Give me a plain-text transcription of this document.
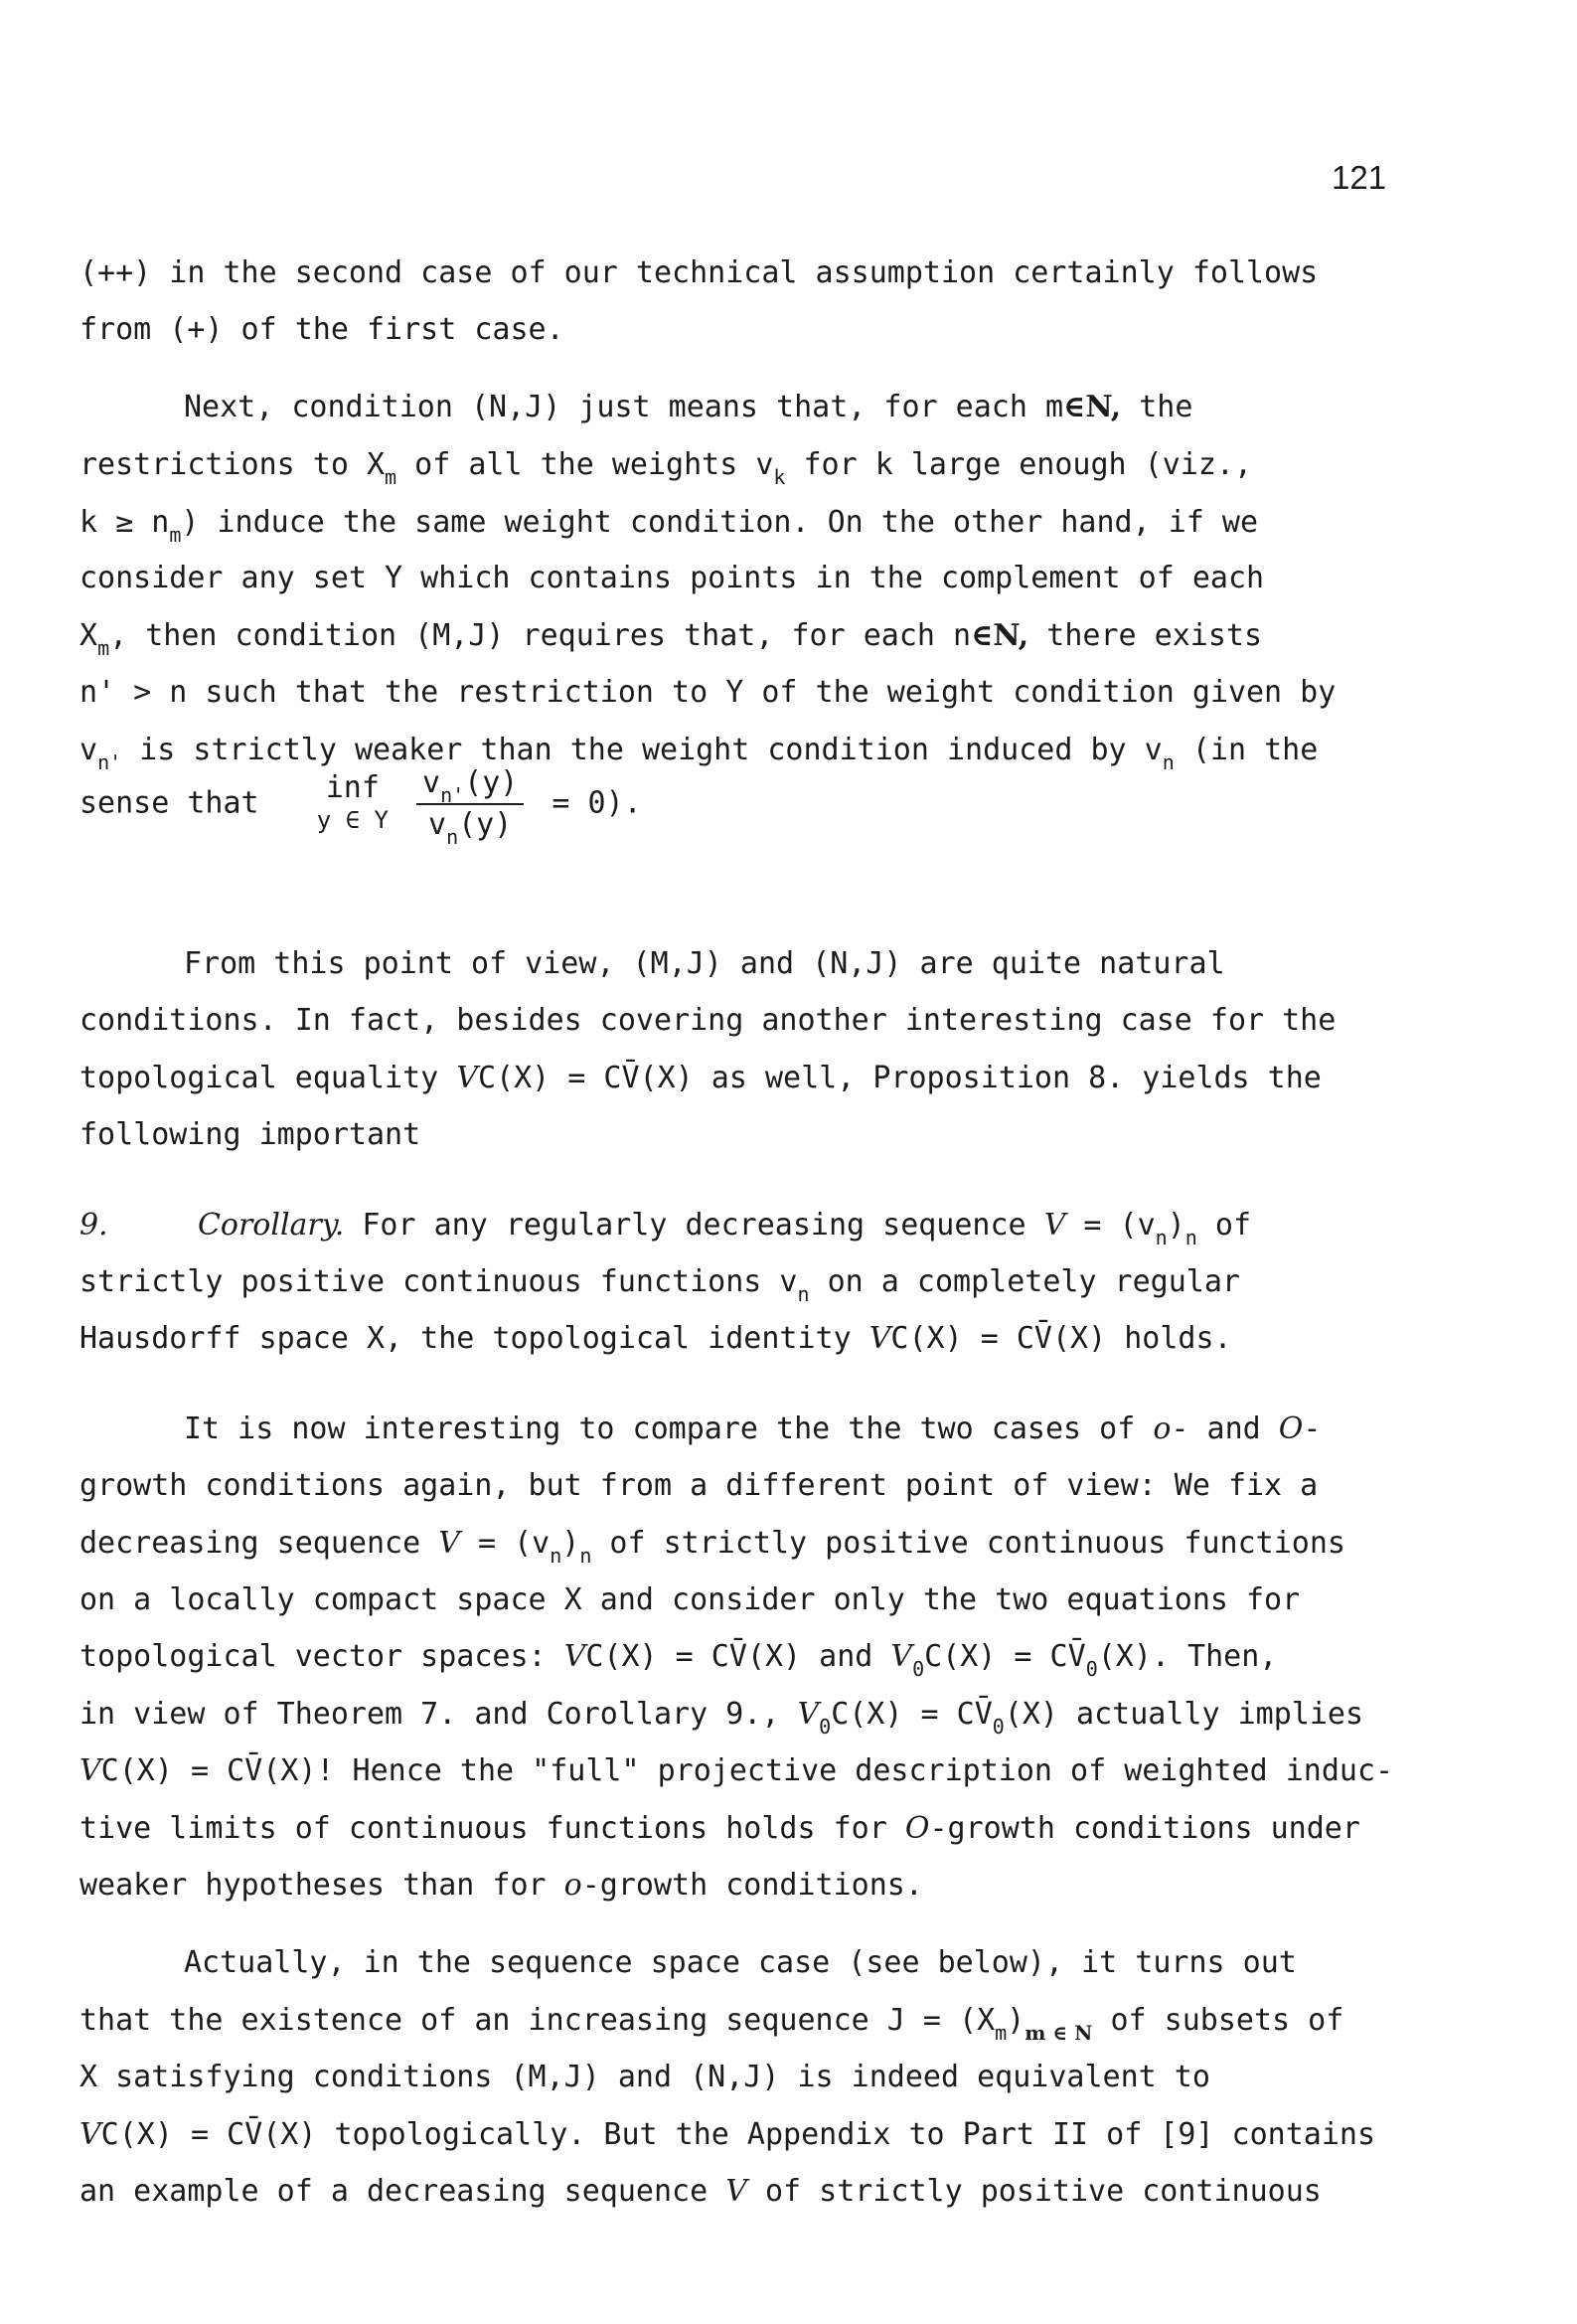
121
(++) in the second case of our technical assumption certainly follows
from (+) of the first case.
Next, condition (N,J) just means that, for each m∈N, the
restrictions to $X_m$ of all the weights $v_k$ for k large enough (viz.,
$k \ge n_m$) induce the same weight condition. On the other hand, if we
consider any set Y which contains points in the complement of each
$X_m$, then condition (M,J) requires that, for each n∈N, there exists
n' > n such that the restriction to Y of the weight condition given by
$v_{n'}$ is strictly weaker than the weight condition induced by $v_n$ (in the
sense that inf
y ∈ Y
$\frac{v_{n'}(y)}{v_n(y)} = 0$).
From this point of view, (M,J) and (N,J) are quite natural
conditions. In fact, besides covering another interesting case for the
topological equality VC(X) = CV̄(X) as well, Proposition 8. yields the
following important
9.	Corollary. For any regularly decreasing sequence $V = (v_n)_n$ of
strictly positive continuous functions $v_n$ on a completely regular
Hausdorff space X, the topological identity VC(X) = CV̄(X) holds.
It is now interesting to compare the the two cases of o- and O-
growth conditions again, but from a different point of view: We fix a
decreasing sequence $V = (v_n)_n$ of strictly positive continuous functions
on a locally compact space X and consider only the two equations for
topological vector spaces: VC(X) = CV̄(X) and $V_0C(X)$ = $CV̄_0(X)$. Then,
in view of Theorem 7. and Corollary 9., $V_0C(X)$ = $CV̄_0(X)$ actually implies
VC(X) = CV̄(X)! Hence the "full" projective description of weighted induc-
tive limits of continuous functions holds for O-growth conditions under
weaker hypotheses than for o-growth conditions.
Actually, in the sequence space case (see below), it turns out
that the existence of an increasing sequence $J = (X_m)_{m \in N}$ of subsets of
X satisfying conditions (M,J) and (N,J) is indeed equivalent to
VC(X) = CV̄(X) topologically. But the Appendix to Part II of [9] contains
an example of a decreasing sequence V of strictly positive continuous
